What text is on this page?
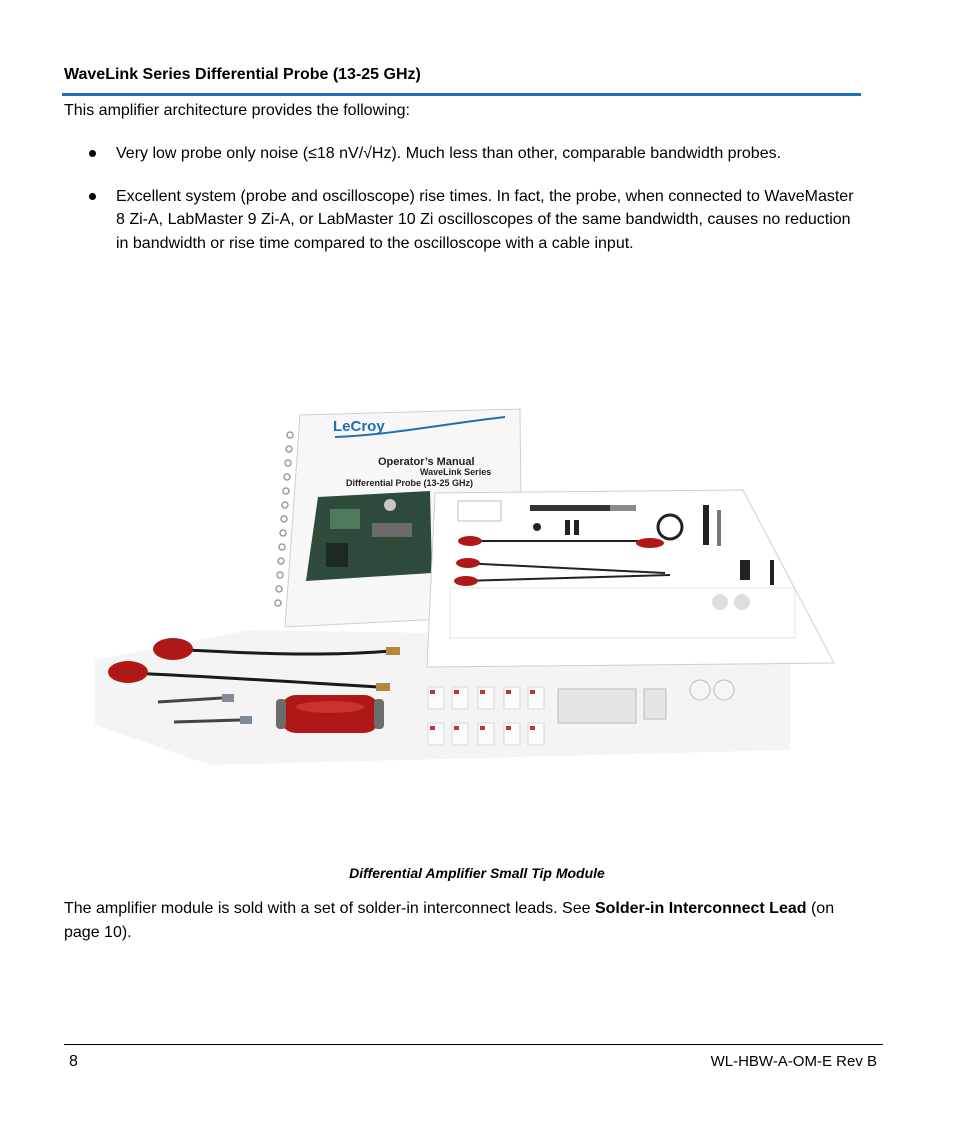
WaveLink Series Differential Probe (13-25 GHz)
This amplifier architecture provides the following:
Very low probe only noise (≤18 nV/√Hz). Much less than other, comparable bandwidth probes.
Excellent system (probe and oscilloscope) rise times. In fact, the probe, when connected to WaveMaster 8 Zi-A, LabMaster 9 Zi-A, or LabMaster 10 Zi oscilloscopes of the same bandwidth, causes no reduction in bandwidth or rise time compared to the oscilloscope with a cable input.
LeCroy
Operator’s Manual
WaveLink Series
Differential Probe (13-25 GHz)
Differential Amplifier Small Tip Module

The amplifier module is sold with a set of solder-in interconnect leads. See Solder-in Interconnect Lead (on page 10).

8	WL-HBW-A-OM-E Rev B
